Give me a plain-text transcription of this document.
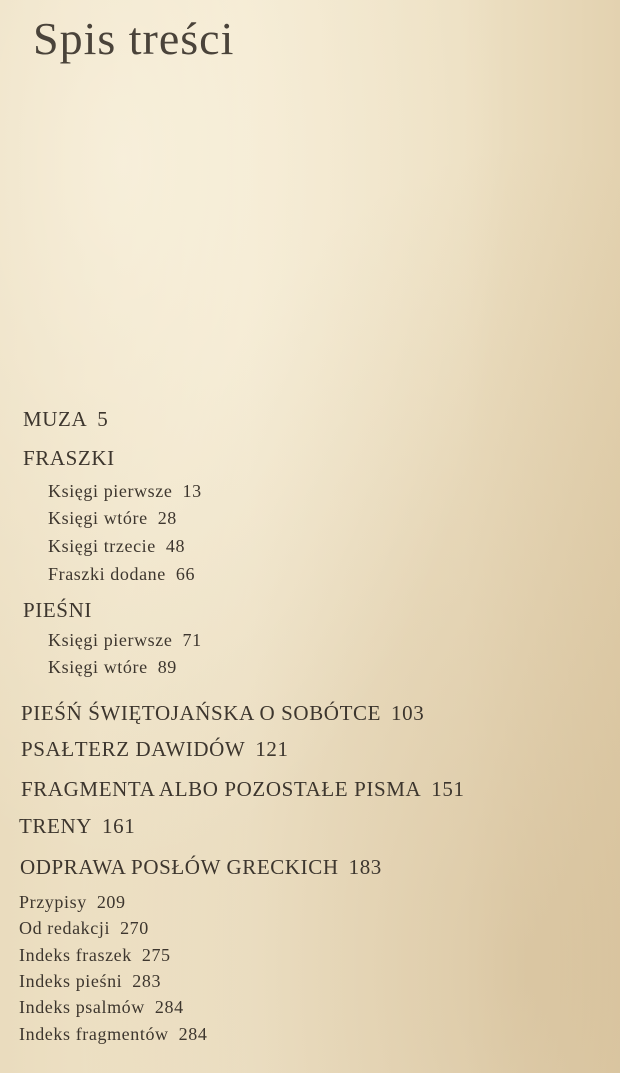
Spis treści
MUZA 5
FRASZKI
Księgi pierwsze 13
Księgi wtóre 28
Księgi trzecie 48
Fraszki dodane 66
PIEŚNI
Księgi pierwsze 71
Księgi wtóre 89
PIEŚŃ ŚWIĘTOJAŃSKA O SOBÓTCE 103
PSAŁTERZ DAWIDÓW 121
FRAGMENTA ALBO POZOSTAŁE PISMA 151
TRENY 161
ODPRAWA POSŁÓW GRECKICH 183
Przypisy 209
Od redakcji 270
Indeks fraszek 275
Indeks pieśni 283
Indeks psalmów 284
Indeks fragmentów 284
